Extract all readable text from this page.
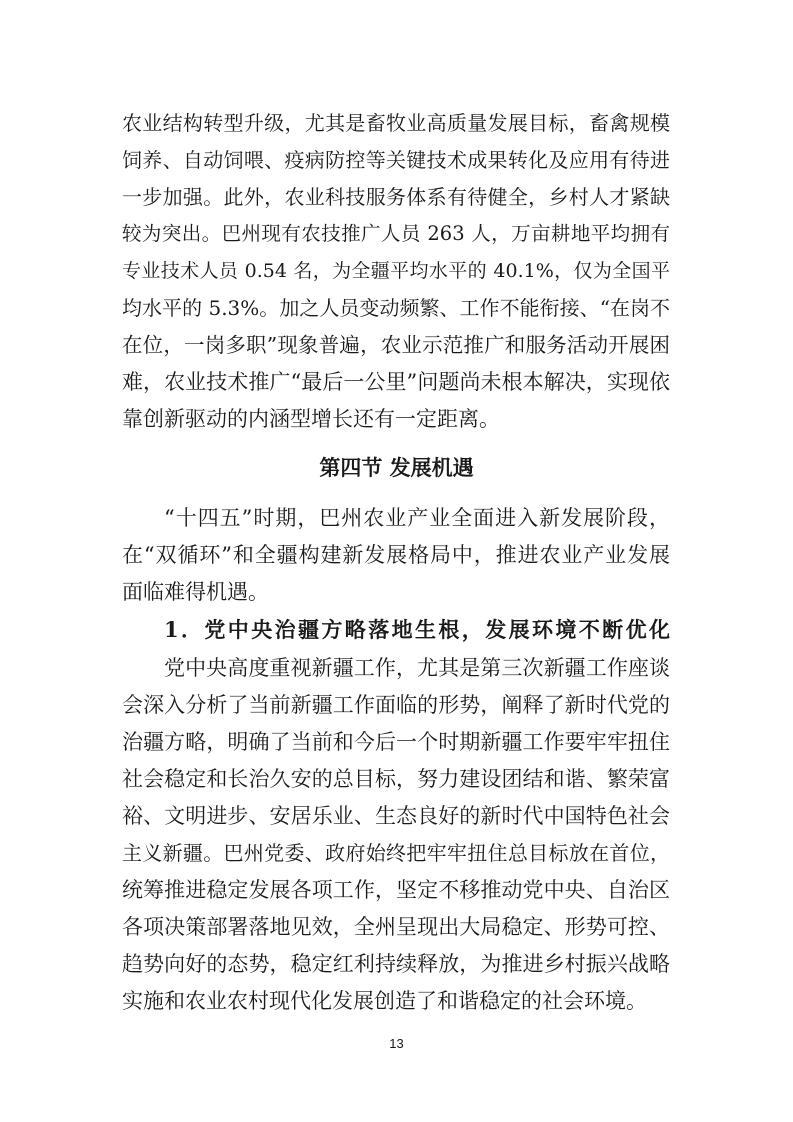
农业结构转型升级，尤其是畜牧业高质量发展目标，畜禽规模

饲养、自动饲喂、疫病防控等关键技术成果转化及应用有待进

一步加强。此外，农业科技服务体系有待健全，乡村人才紧缺

较为突出。巴州现有农技推广人员 263 人，万亩耕地平均拥有

专业技术人员 0.54 名，为全疆平均水平的 40.1%，仅为全国平

均水平的 5.3%。加之人员变动频繁、工作不能衔接、“在岗不

在位，一岗多职”现象普遍，农业示范推广和服务活动开展困

难，农业技术推广“最后一公里”问题尚未根本解决，实现依

靠创新驱动的内涵型增长还有一定距离。

第四节 发展机遇

“十四五”时期，巴州农业产业全面进入新发展阶段，

在“双循环”和全疆构建新发展格局中，推进农业产业发展

面临难得机遇。

1．党中央治疆方略落地生根，发展环境不断优化

党中央高度重视新疆工作，尤其是第三次新疆工作座谈

会深入分析了当前新疆工作面临的形势，阐释了新时代党的

治疆方略，明确了当前和今后一个时期新疆工作要牢牢扭住

社会稳定和长治久安的总目标，努力建设团结和谐、繁荣富

裕、文明进步、安居乐业、生态良好的新时代中国特色社会

主义新疆。巴州党委、政府始终把牢牢扭住总目标放在首位，

统筹推进稳定发展各项工作，坚定不移推动党中央、自治区

各项决策部署落地见效，全州呈现出大局稳定、形势可控、

趋势向好的态势，稳定红利持续释放，为推进乡村振兴战略

实施和农业农村现代化发展创造了和谐稳定的社会环境。

13
